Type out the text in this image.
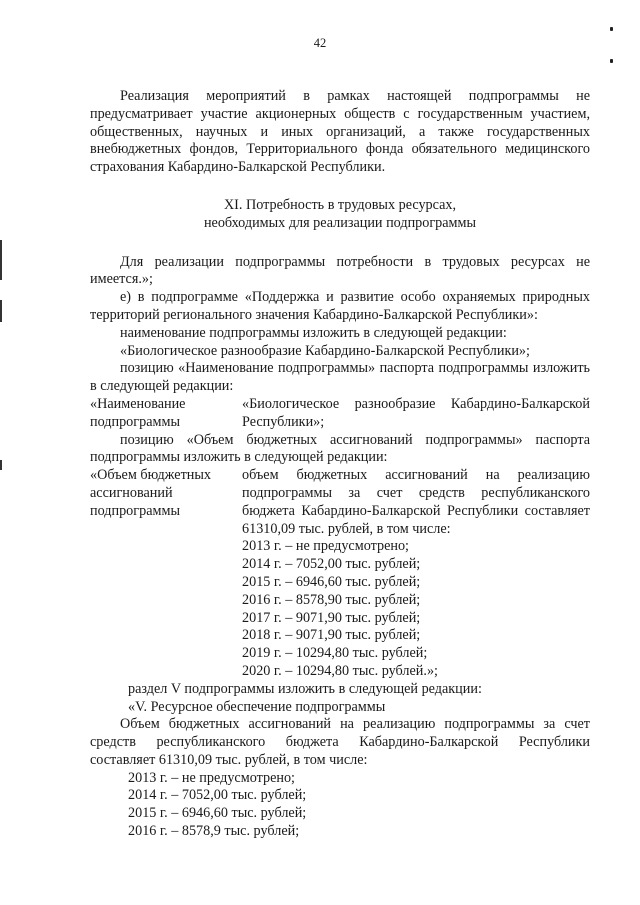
42

Реализация мероприятий в рамках настоящей подпрограммы не предусматривает участие акционерных обществ с государственным участием, общественных, научных и иных организаций, а также государственных внебюджетных фондов, Территориального фонда обязательного медицинского страхования Кабардино-Балкарской Республики.

XI. Потребность в трудовых ресурсах,
необходимых для реализации подпрограммы

Для реализации подпрограммы потребности в трудовых ресурсах не имеется.»;

е) в подпрограмме «Поддержка и развитие особо охраняемых природных территорий регионального значения Кабардино-Балкарской Республики»:

наименование подпрограммы изложить в следующей редакции:

«Биологическое разнообразие Кабардино-Балкарской Республики»;

позицию «Наименование подпрограммы» паспорта подпрограммы изложить в следующей редакции:

«Наименование подпрограммы
«Биологическое разнообразие Кабардино-Балкарской Республики»;

позицию «Объем бюджетных ассигнований подпрограммы» паспорта подпрограммы изложить в следующей редакции:

«Объем бюджетных ассигнований подпрограммы
объем бюджетных ассигнований на реализацию подпрограммы за счет средств республиканского бюджета Кабардино-Балкарской Республики составляет 61310,09 тыс. рублей, в том числе:
2013 г. – не предусмотрено;
2014 г. – 7052,00 тыс. рублей;
2015 г. – 6946,60 тыс. рублей;
2016 г. – 8578,90 тыс. рублей;
2017 г. – 9071,90 тыс. рублей;
2018 г. – 9071,90 тыс. рублей;
2019 г. – 10294,80 тыс. рублей;
2020 г. – 10294,80 тыс. рублей.»;
раздел V подпрограммы изложить в следующей редакции:
«V. Ресурсное обеспечение подпрограммы

Объем бюджетных ассигнований на реализацию подпрограммы за счет средств республиканского бюджета Кабардино-Балкарской Республики составляет 61310,09 тыс. рублей, в том числе:

2013 г. – не предусмотрено;
2014 г. – 7052,00 тыс. рублей;
2015 г. – 6946,60 тыс. рублей;
2016 г. – 8578,9 тыс. рублей;
